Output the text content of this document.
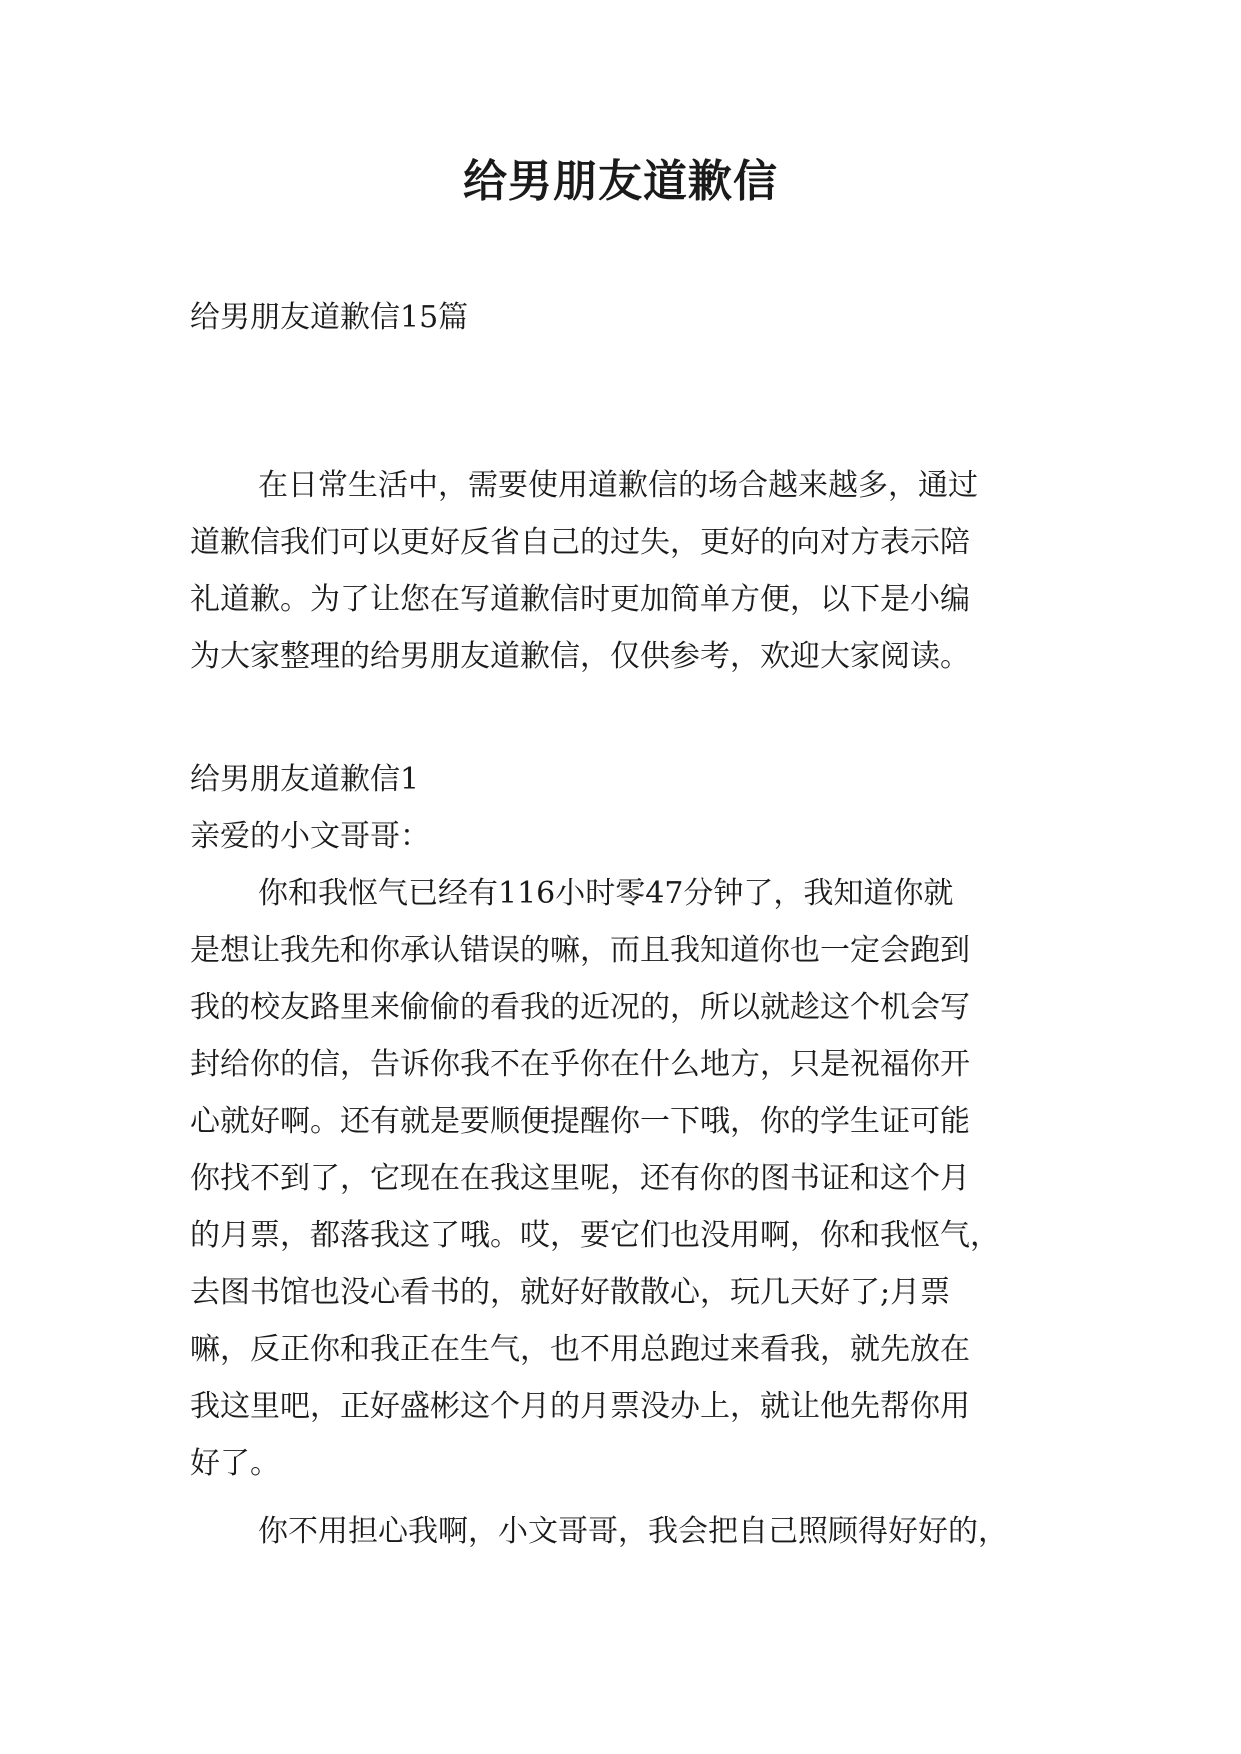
给男朋友道歉信
给男朋友道歉信15篇
在日常生活中，需要使用道歉信的场合越来越多，通过
道歉信我们可以更好反省自己的过失，更好的向对方表示陪
礼道歉。为了让您在写道歉信时更加简单方便，以下是小编
为大家整理的给男朋友道歉信，仅供参考，欢迎大家阅读。
给男朋友道歉信1
亲爱的小文哥哥：
你和我怄气已经有116小时零47分钟了，我知道你就
是想让我先和你承认错误的嘛，而且我知道你也一定会跑到
我的校友路里来偷偷的看我的近况的，所以就趁这个机会写
封给你的信，告诉你我不在乎你在什么地方，只是祝福你开
心就好啊。还有就是要顺便提醒你一下哦，你的学生证可能
你找不到了，它现在在我这里呢，还有你的图书证和这个月
的月票，都落我这了哦。哎，要它们也没用啊，你和我怄气，
去图书馆也没心看书的，就好好散散心，玩几天好了;月票
嘛，反正你和我正在生气，也不用总跑过来看我，就先放在
我这里吧，正好盛彬这个月的月票没办上，就让他先帮你用
好了。
你不用担心我啊，小文哥哥，我会把自己照顾得好好的，
